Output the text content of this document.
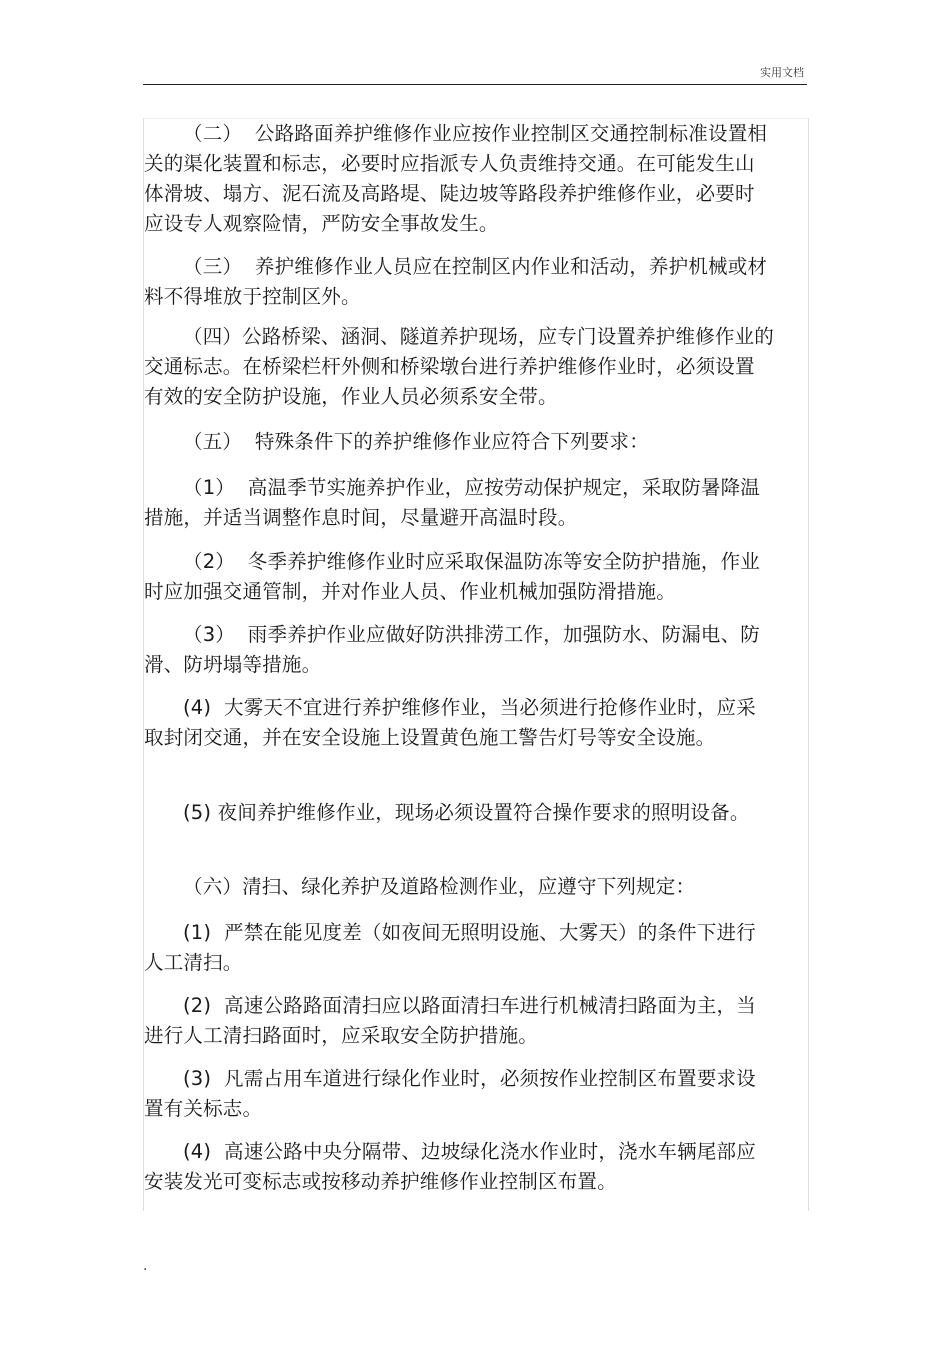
实用文档

（二）  公路路面养护维修作业应按作业控制区交通控制标准设置相关的渠化装置和标志，必要时应指派专人负责维持交通。在可能发生山体滑坡、塌方、泥石流及高路堤、陡边坡等路段养护维修作业，必要时应设专人观察险情，严防安全事故发生。

（三）  养护维修作业人员应在控制区内作业和活动，养护机械或材料不得堆放于控制区外。

（四）公路桥梁、涵洞、隧道养护现场，应专门设置养护维修作业的交通标志。在桥梁栏杆外侧和桥梁墩台进行养护维修作业时，必须设置有效的安全防护设施，作业人员必须系安全带。

（五）  特殊条件下的养护维修作业应符合下列要求：

（1）  高温季节实施养护作业，应按劳动保护规定，采取防暑降温措施，并适当调整作息时间，尽量避开高温时段。

（2）  冬季养护维修作业时应采取保温防冻等安全防护措施，作业时应加强交通管制，并对作业人员、作业机械加强防滑措施。

（3）  雨季养护作业应做好防洪排涝工作，加强防水、防漏电、防滑、防坍塌等措施。

(4)  大雾天不宜进行养护维修作业，当必须进行抢修作业时，应采取封闭交通，并在安全设施上设置黄色施工警告灯号等安全设施。

(5) 夜间养护维修作业，现场必须设置符合操作要求的照明设备。

（六）清扫、绿化养护及道路检测作业，应遵守下列规定：

(1)  严禁在能见度差（如夜间无照明设施、大雾天）的条件下进行人工清扫。

(2)  高速公路路面清扫应以路面清扫车进行机械清扫路面为主，当进行人工清扫路面时，应采取安全防护措施。

(3)  凡需占用车道进行绿化作业时，必须按作业控制区布置要求设置有关标志。

(4)  高速公路中央分隔带、边坡绿化浇水作业时，浇水车辆尾部应安装发光可变标志或按移动养护维修作业控制区布置。

.
